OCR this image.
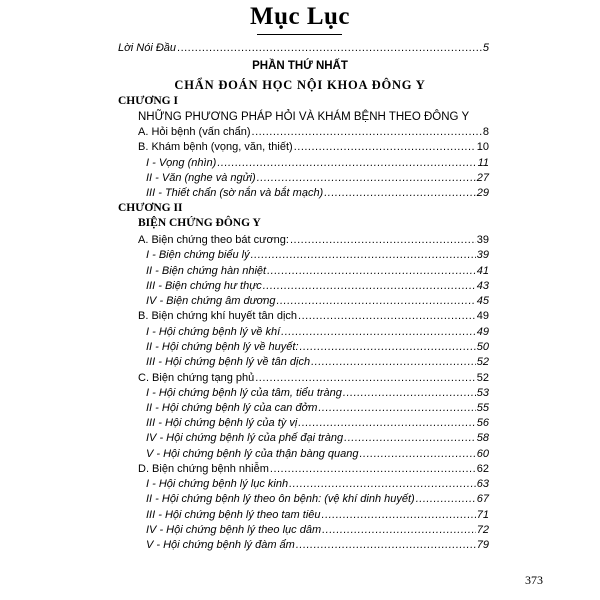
Mục Lục
Lời Nói Đầu .....	5
PHẦN THỨ NHẤT
CHẨN ĐOÁN HỌC NỘI KHOA ĐÔNG Y
CHƯƠNG I
NHỮNG PHƯƠNG PHÁP HỎI VÀ KHÁM BỆNH THEO ĐÔNG Y
A. Hỏi bệnh (vấn chẩn) .....	8
B. Khám bệnh (vọng, văn, thiết) .....	10
I - Vọng (nhìn) .....	11
II - Văn (nghe và ngửi) .....	27
III - Thiết chẩn (sờ nắn và bắt mạch) .....	29
CHƯƠNG II
BIỆN CHỨNG ĐÔNG Y
A. Biện chứng theo bát cương: .....	39
I - Biện chứng biểu lý .....	39
II - Biện chứng hàn nhiệt .....	41
III - Biện chứng hư thực .....	43
IV - Biện chứng âm dương .....	45
B. Biện chứng khí huyết tân dịch .....	49
I - Hội chứng bệnh lý về khí .....	49
II - Hội chứng bệnh lý về huyết: .....	50
III - Hội chứng bệnh lý về tân dịch .....	52
C. Biện chứng tạng phủ .....	52
I - Hội chứng bệnh lý của tâm, tiểu tràng .....	53
II - Hội chứng bệnh lý của can đởm .....	55
III - Hội chứng bệnh lý của tỳ vị .....	56
IV - Hội chứng bệnh lý của phế đại tràng .....	58
V - Hội chứng bệnh lý của thận bàng quang .....	60
D. Biện chứng bệnh nhiễm .....	62
I - Hội chứng bệnh lý lục kinh .....	63
II - Hội chứng bệnh lý theo ôn bệnh: (vệ khí dinh huyết) .....	67
III - Hội chứng bệnh lý theo tam tiêu .....	71
IV - Hội chứng bệnh lý theo lục dâm .....	72
V - Hội chứng bệnh lý đàm ẩm .....	79
373
